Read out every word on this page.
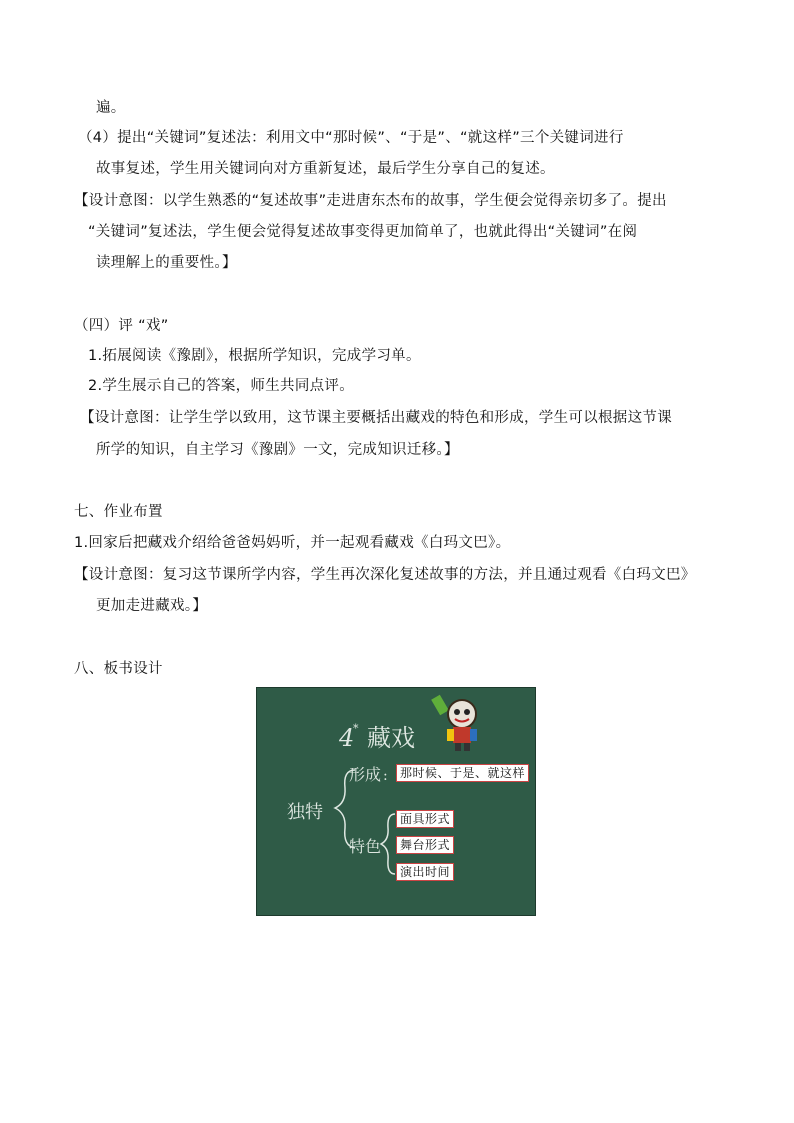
遍。
（4）提出“关键词”复述法：利用文中“那时候”、“于是”、“就这样”三个关键词进行
故事复述，学生用关键词向对方重新复述，最后学生分享自己的复述。
【设计意图：以学生熟悉的“复述故事”走进唐东杰布的故事，学生便会觉得亲切多了。提出
“关键词”复述法，学生便会觉得复述故事变得更加简单了，也就此得出“关键词”在阅
读理解上的重要性。】
（四）评 “戏”
1.拓展阅读《豫剧》，根据所学知识，完成学习单。
2.学生展示自己的答案，师生共同点评。
【设计意图：让学生学以致用，这节课主要概括出藏戏的特色和形成，学生可以根据这节课
所学的知识，自主学习《豫剧》一文，完成知识迁移。】
七、作业布置
1.回家后把藏戏介绍给爸爸妈妈听，并一起观看藏戏《白玛文巴》。
【设计意图：复习这节课所学内容，学生再次深化复述故事的方法，并且通过观看《白玛文巴》
更加走进藏戏。】
八、板书设计
4
* 藏戏
独特
形成 :
特色
那时候、于是、就这样
面具形式
舞台形式
演出时间
